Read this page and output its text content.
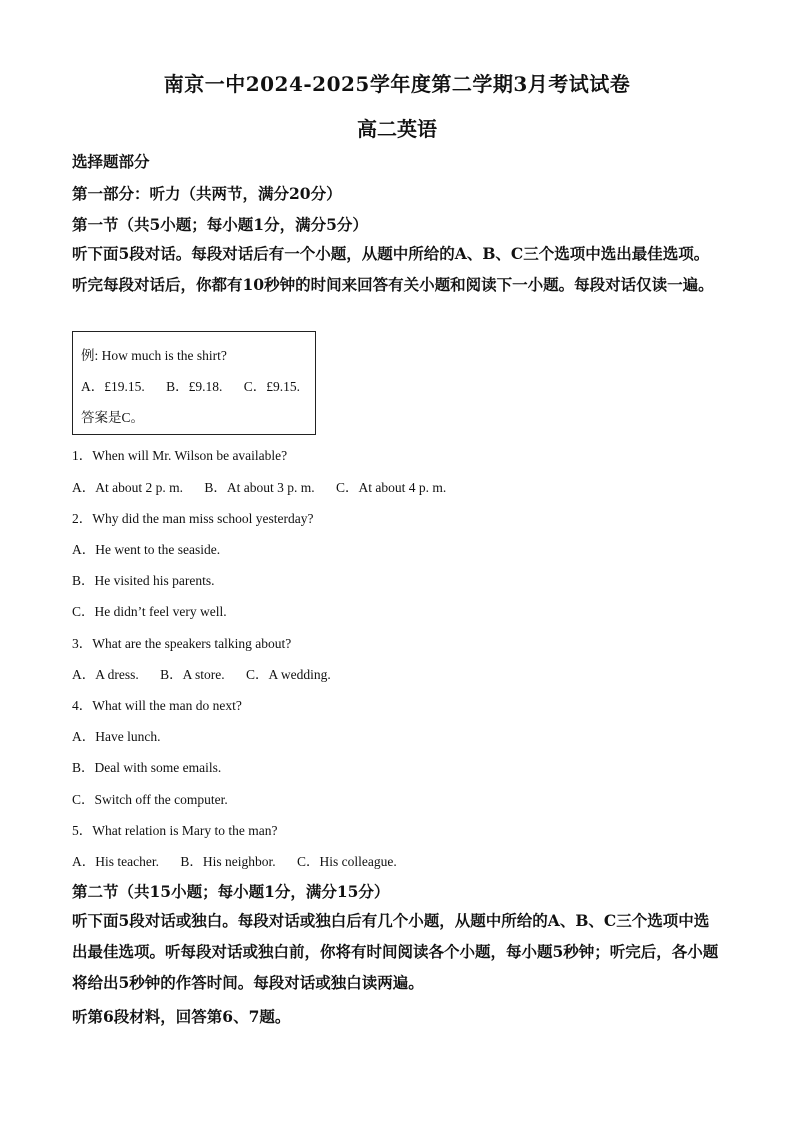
南京一中2024-2025学年度第二学期3月考试试卷
高二英语
选择题部分
第一部分：听力（共两节，满分20分）
第一节（共5小题；每小题1分，满分5分）
听下面5段对话。每段对话后有一个小题，从题中所给的A、B、C三个选项中选出最佳选项。听完每段对话后，你都有10秒钟的时间来回答有关小题和阅读下一小题。每段对话仅读一遍。
例: How much is the shirt?
A．£19.15. B．£9.18. C．£9.15.
答案是C。
1．When will Mr. Wilson be available?
A．At about 2 p. m. B．At about 3 p. m. C．At about 4 p. m.
2．Why did the man miss school yesterday?
A．He went to the seaside.
B．He visited his parents.
C．He didn’t feel very well.
3．What are the speakers talking about?
A．A dress. B．A store. C．A wedding.
4．What will the man do next?
A．Have lunch.
B．Deal with some emails.
C．Switch off the computer.
5．What relation is Mary to the man?
A．His teacher. B．His neighbor. C．His colleague.
第二节（共15小题；每小题1分，满分15分）
听下面5段对话或独白。每段对话或独白后有几个小题，从题中所给的A、B、C三个选项中选出最佳选项。听每段对话或独白前，你将有时间阅读各个小题，每小题5秒钟；听完后，各小题将给出5秒钟的作答时间。每段对话或独白读两遍。
听第6段材料，回答第6、7题。
